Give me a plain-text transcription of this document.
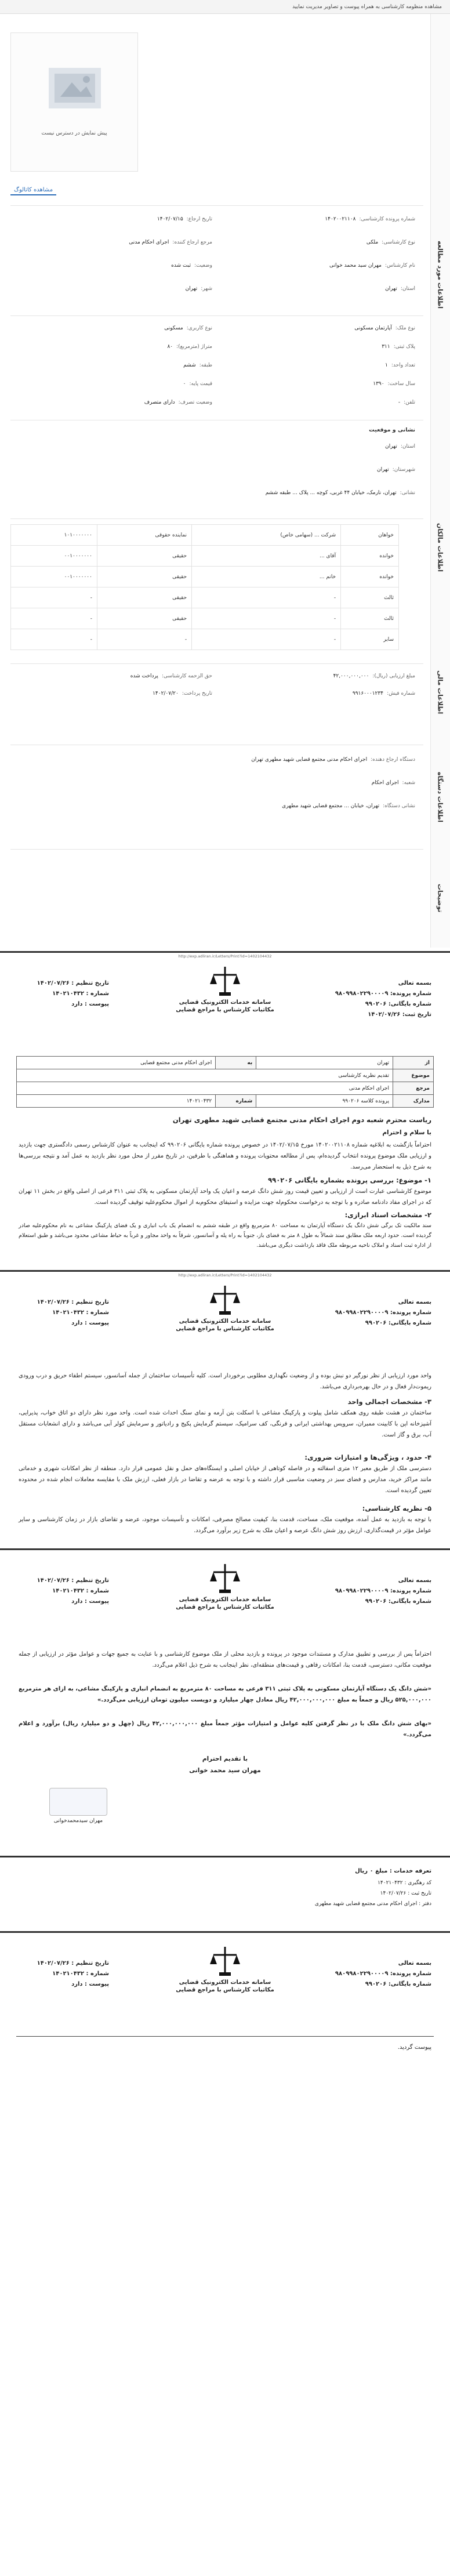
مشاهده منظومه کارشناسی به همراه پیوست و تصاویر مدیریت نمایید
اطلاعات مورد مطالعه
اطلاعات مالکان
اطلاعات مالی
اطلاعات دستگاه
توضیحات
پیش نمایش در دسترس نیست
مشاهده کاتالوگ
شماره پرونده کارشناسی:
۱۴۰۲۰۰۲۱۱۰۸
تاریخ ارجاع:
۱۴۰۲/۰۷/۱۵
نوع کارشناسی:
ملکی
مرجع ارجاع کننده:
اجرای احکام مدنی
نام کارشناس:
مهران سید محمد خوانی
وضعیت:
ثبت شده
استان:
تهران
شهر:
تهران
نوع ملک:
آپارتمان مسکونی
نوع کاربری:
مسکونی
پلاک ثبتی:
۳۱۱
متراژ (مترمربع):
۸۰
تعداد واحد:
۱
طبقه:
ششم
سال ساخت:
۱۳۹۰
قیمت پایه:
۰
تلفن:
-
وضعیت تصرف:
دارای متصرف
نشانی و موقعیت
استان:
تهران
شهرستان:
تهران
نشانی:
تهران، نارمک، خیابان ۴۴ غربی، کوچه ... پلاک ... طبقه ششم
خواهان	شرکت ... (سهامی خاص)	نماینده حقوقی	۱۰۱۰۰۰۰۰۰۰
خوانده	آقای ...	حقیقی	۰۰۱۰۰۰۰۰۰۰
خوانده	خانم ...	حقیقی	۰۰۱۰۰۰۰۰۰۰
ثالث	-	حقیقی	-
ثالث	-	حقیقی	-
سایر	-	-	-
مبلغ ارزیابی (ریال):
۴۲,۰۰۰,۰۰۰,۰۰۰
حق الزحمه کارشناسی:
پرداخت شده
شماره فیش:
۹۹۱۶۰۰۰۱۲۳۴
تاریخ پرداخت:
۱۴۰۲/۰۷/۲۰
دستگاه ارجاع دهنده:
اجرای احکام مدنی مجتمع قضایی شهید مطهری تهران
شعبه:
اجرای احکام
نشانی دستگاه:
تهران، خیابان ... مجتمع قضایی شهید مطهری
http://exp.adliran.ir/Letters/Print?id=1402104432
بسمه تعالی
شماره پرونده: ۹۸۰۹۹۸۰۲۲۹۰۰۰۰۹
شماره بایگانی: ۹۹۰۲۰۶
تاریخ ثبت: ۱۴۰۲/۰۷/۲۶
سامانه خدمات الکترونیک قضایی
مکاتبات کارشناس با مراجع قضایی
تاریخ تنظیم : ۱۴۰۲/۰۷/۲۶
شماره : ۱۴۰۲۱۰۴۳۲
پیوست : دارد
از	تهران	به	اجرای احکام مدنی مجتمع قضایی
موضوع	تقدیم نظریه کارشناسی		
مرجع	اجرای احکام مدنی		
مدارک	پرونده کلاسه ۹۹۰۲۰۶	شماره	۱۴۰۲۱۰۴۳۲
ریاست محترم شعبه دوم اجرای احکام مدنی مجتمع قضایی شهید مطهری تهران
با سلام و احترام
احتراماً بازگشت به ابلاغیه شماره ۱۴۰۲۰۰۲۱۱۰۸ مورخ ۱۴۰۲/۰۷/۱۵ در خصوص پرونده شماره بایگانی ۹۹۰۲۰۶ که اینجانب به عنوان کارشناس رسمی دادگستری جهت بازدید و ارزیابی ملک موضوع پرونده انتخاب گردیده‌ام، پس از مطالعه محتویات پرونده و هماهنگی با طرفین، در تاریخ مقرر از محل مورد نظر بازدید به عمل آمد و نتیجه بررسی‌ها به شرح ذیل به استحضار می‌رسد.
۱- موضوع: بررسی پرونده بشماره بایگانی ۹۹۰۲۰۶
موضوع کارشناسی عبارت است از ارزیابی و تعیین قیمت روز شش دانگ عرصه و اعیان یک واحد آپارتمان مسکونی به پلاک ثبتی ۳۱۱ فرعی از اصلی واقع در بخش ۱۱ تهران که در اجرای مفاد دادنامه صادره و با توجه به درخواست محکوم‌له جهت مزایده و استیفای محکوم‌به از اموال محکوم‌علیه توقیف گردیده است.
۲- مشخصات اسناد ابرازی:
سند مالکیت تک برگی شش دانگ یک دستگاه آپارتمان به مساحت ۸۰ مترمربع واقع در طبقه ششم به انضمام یک باب انباری و یک فضای پارکینگ مشاعی به نام محکوم‌علیه صادر گردیده است. حدود اربعه ملک مطابق سند شمالاً به طول ۸ متر به فضای باز، جنوباً به راه پله و آسانسور، شرقاً به واحد مجاور و غرباً به حیاط مشاعی محدود می‌باشد و طبق استعلام از اداره ثبت اسناد و املاک ناحیه مربوطه ملک فاقد بازداشت دیگری می‌باشد.
http://exp.adliran.ir/Letters/Print?id=1402104432
بسمه تعالی
شماره پرونده: ۹۸۰۹۹۸۰۲۲۹۰۰۰۰۹
شماره بایگانی: ۹۹۰۲۰۶
سامانه خدمات الکترونیک قضایی
مکاتبات کارشناس با مراجع قضایی
تاریخ تنظیم : ۱۴۰۲/۰۷/۲۶
شماره : ۱۴۰۲۱۰۴۳۲
پیوست : دارد
واحد مورد ارزیابی از نظر نورگیر دو نبش بوده و از وضعیت نگهداری مطلوبی برخوردار است. کلیه تأسیسات ساختمان از جمله آسانسور، سیستم اطفاء حریق و درب ورودی ریموت‌دار فعال و در حال بهره‌برداری می‌باشد.
۳- مشخصات اجمالی واحد
ساختمان در هشت طبقه روی همکف شامل پیلوت و پارکینگ مشاعی با اسکلت بتن آرمه و نمای سنگ احداث شده است. واحد مورد نظر دارای دو اتاق خواب، پذیرایی، آشپزخانه اپن با کابینت ممبران، سرویس بهداشتی ایرانی و فرنگی، کف سرامیک، سیستم گرمایش پکیج و رادیاتور و سرمایش کولر آبی می‌باشد و دارای انشعابات مستقل آب، برق و گاز است.
۴- حدود ، ویژگی‌ها و امتیازات ضروری:
دسترسی ملک از طریق معبر ۱۲ متری اسفالته و در فاصله کوتاهی از خیابان اصلی و ایستگاه‌های حمل و نقل عمومی قرار دارد. منطقه از نظر امکانات شهری و خدماتی مانند مراکز خرید، مدارس و فضای سبز در وضعیت مناسبی قرار داشته و با توجه به عرضه و تقاضا در بازار فعلی، ارزش ملک با مقایسه معاملات انجام شده در محدوده تعیین گردیده است.
۵- نظریه کارشناسی:
با توجه به بازدید به عمل آمده، موقعیت ملک، مساحت، قدمت بنا، کیفیت مصالح مصرفی، امکانات و تأسیسات موجود، عرضه و تقاضای بازار در زمان کارشناسی و سایر عوامل مؤثر در قیمت‌گذاری، ارزش روز شش دانگ عرصه و اعیان ملک به شرح زیر برآورد می‌گردد.
بسمه تعالی
شماره پرونده: ۹۸۰۹۹۸۰۲۲۹۰۰۰۰۹
شماره بایگانی: ۹۹۰۲۰۶
سامانه خدمات الکترونیک قضایی
مکاتبات کارشناس با مراجع قضایی
تاریخ تنظیم : ۱۴۰۲/۰۷/۲۶
شماره : ۱۴۰۲۱۰۴۳۲
پیوست : دارد
احتراماً پس از بررسی و تطبیق مدارک و مستندات موجود در پرونده و بازدید محلی از ملک موضوع کارشناسی و با عنایت به جمیع جهات و عوامل مؤثر در ارزیابی از جمله موقعیت مکانی، دسترسی، قدمت بنا، امکانات رفاهی و قیمت‌های منطقه‌ای، نظر اینجانب به شرح ذیل اعلام می‌گردد.
«شش دانگ یک دستگاه آپارتمان مسکونی به پلاک ثبتی ۳۱۱ فرعی به مساحت ۸۰ مترمربع به انضمام انباری و پارکینگ مشاعی، به ازای هر مترمربع ۵۲۵,۰۰۰,۰۰۰ ریال و جمعاً به مبلغ ۴۲,۰۰۰,۰۰۰,۰۰۰ ریال معادل چهار میلیارد و دویست میلیون تومان ارزیابی می‌گردد.»
«بهای شش دانگ ملک با در نظر گرفتن کلیه عوامل و امتیازات مؤثر جمعاً مبلغ ۴۲,۰۰۰,۰۰۰,۰۰۰ ریال (چهل و دو میلیارد ریال) برآورد و اعلام می‌گردد.»
با تقدیم احترام
مهران سید محمد خوانی
مهران سیدمحمدخوانی
تعرفه خدمات : مبلغ ۰ ریال
کد رهگیری : ۱۴۰۲۱۰۴۳۲
تاریخ ثبت : ۱۴۰۲/۰۷/۲۶
دفتر : اجرای احکام مدنی مجتمع قضایی شهید مطهری
بسمه تعالی
شماره پرونده: ۹۸۰۹۹۸۰۲۲۹۰۰۰۰۹
شماره بایگانی: ۹۹۰۲۰۶
سامانه خدمات الکترونیک قضایی
مکاتبات کارشناس با مراجع قضایی
تاریخ تنظیم : ۱۴۰۲/۰۷/۲۶
شماره : ۱۴۰۲۱۰۴۳۲
پیوست : دارد
پیوست گردید.
